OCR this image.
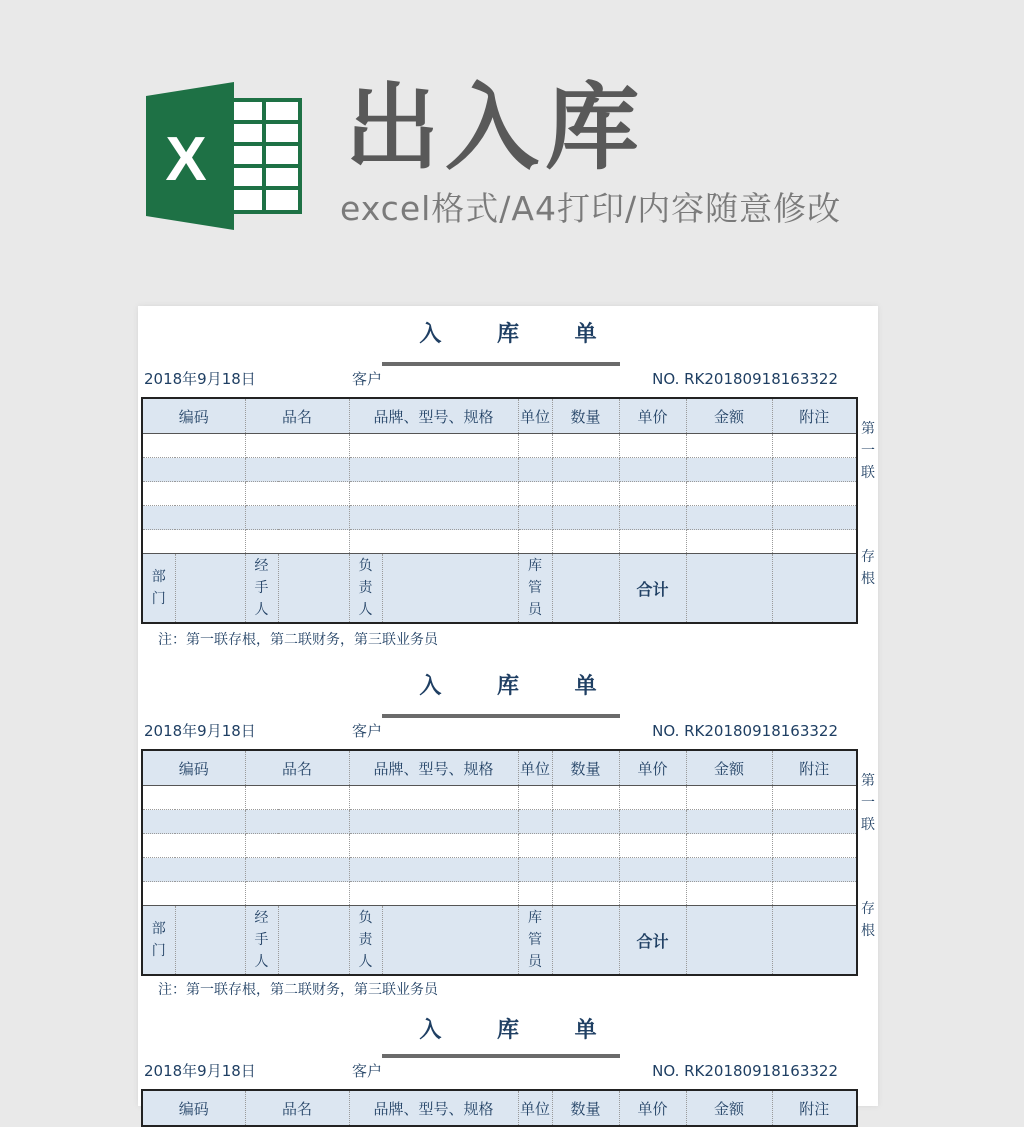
X 出入库
excel格式/A4打印/内容随意修改
入 库 单
2018年9月18日	客户	NO. RK20180918163322
编码		品名		品牌、型号、规格		单位	数量	单价	金额	附注

部门		经手人		负责人		库管员		合计		
第一联
存根
注：第一联存根，第二联财务，第三联业务员
入 库 单
2018年9月18日	客户	NO. RK20180918163322
编码		品名		品牌、型号、规格		单位	数量	单价	金额	附注

部门		经手人		负责人		库管员		合计		
第一联
存根
注：第一联存根，第二联财务，第三联业务员
入 库 单
2018年9月18日	客户	NO. RK20180918163322
编码	品名	品牌、型号、规格	单位	数量	单价	金额	附注
